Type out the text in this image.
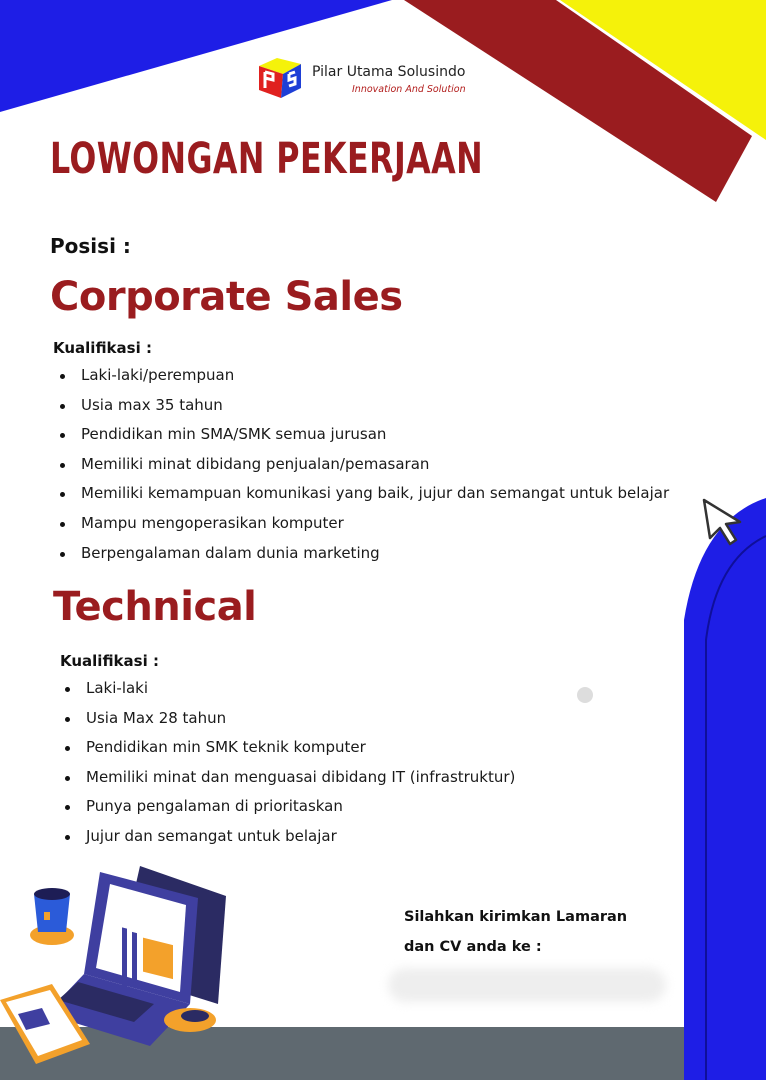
Pilar Utama Solusindo
Innovation And Solution
LOWONGAN PEKERJAAN
Posisi :
Corporate Sales
Kualifikasi :
Laki-laki/perempuan
Usia max 35 tahun
Pendidikan min SMA/SMK semua jurusan
Memiliki minat dibidang penjualan/pemasaran
Memiliki kemampuan komunikasi yang baik, jujur dan semangat untuk belajar
Mampu mengoperasikan komputer
Berpengalaman dalam dunia marketing
Technical
Kualifikasi :
Laki-laki
Usia Max 28 tahun
Pendidikan min SMK teknik komputer
Memiliki minat dan menguasai dibidang IT (infrastruktur)
Punya pengalaman di prioritaskan
Jujur dan semangat untuk belajar
Silahkan kirimkan Lamaran
dan CV anda ke :
